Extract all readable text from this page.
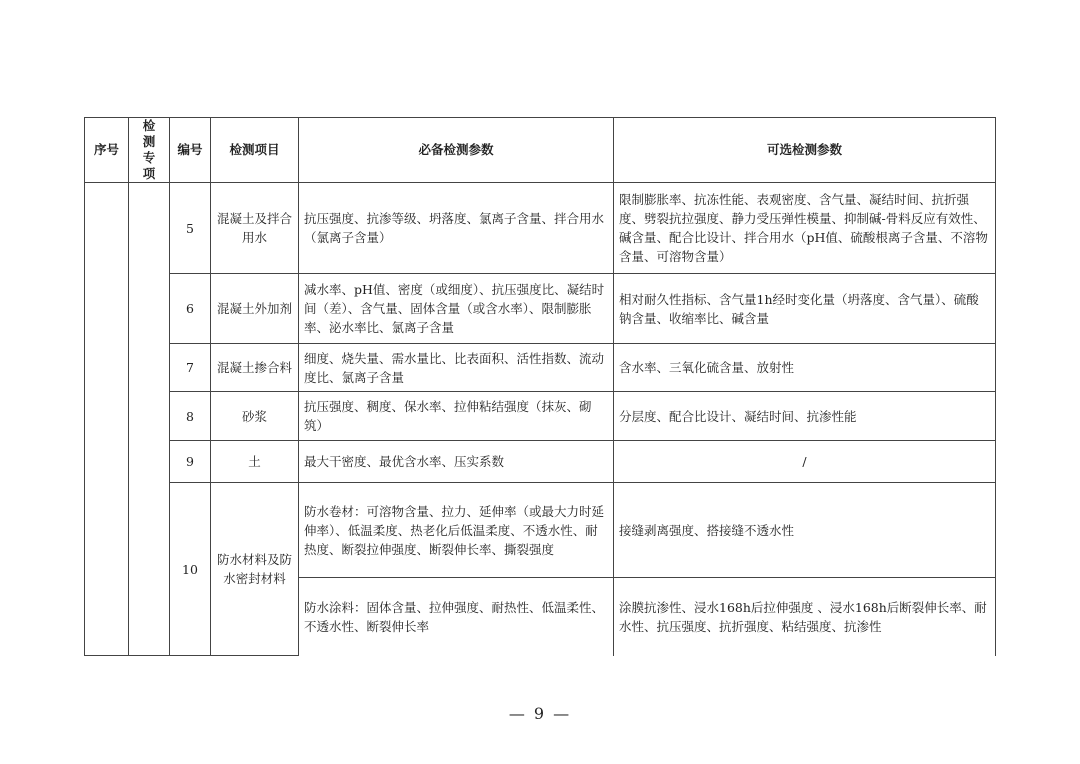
序号	检测专项	编号	检测项目	必备检测参数	可选检测参数
		5	混凝土及拌合用水	抗压强度、抗渗等级、坍落度、氯离子含量、拌合用水（氯离子含量）	限制膨胀率、抗冻性能、表观密度、含气量、凝结时间、抗折强度、劈裂抗拉强度、静力受压弹性模量、抑制碱-骨料反应有效性、碱含量、配合比设计、拌合用水（pH值、硫酸根离子含量、不溶物含量、可溶物含量）
		6	混凝土外加剂	减水率、pH值、密度（或细度）、抗压强度比、凝结时间（差）、含气量、固体含量（或含水率）、限制膨胀率、泌水率比、氯离子含量	相对耐久性指标、含气量1h经时变化量（坍落度、含气量）、硫酸钠含量、收缩率比、碱含量
		7	混凝土掺合料	细度、烧失量、需水量比、比表面积、活性指数、流动度比、氯离子含量	含水率、三氧化硫含量、放射性
		8	砂浆	抗压强度、稠度、保水率、拉伸粘结强度（抹灰、砌筑）	分层度、配合比设计、凝结时间、抗渗性能
		9	土	最大干密度、最优含水率、压实系数	/
		10	防水材料及防水密封材料	防水卷材：可溶物含量、拉力、延伸率（或最大力时延伸率）、低温柔度、热老化后低温柔度、不透水性、耐热度、断裂拉伸强度、断裂伸长率、撕裂强度	接缝剥离强度、搭接缝不透水性
				防水涂料：固体含量、拉伸强度、耐热性、低温柔性、不透水性、断裂伸长率	涂膜抗渗性、浸水168h后拉伸强度 、浸水168h后断裂伸长率、耐水性、抗压强度、抗折强度、粘结强度、抗渗性
— 9 —
